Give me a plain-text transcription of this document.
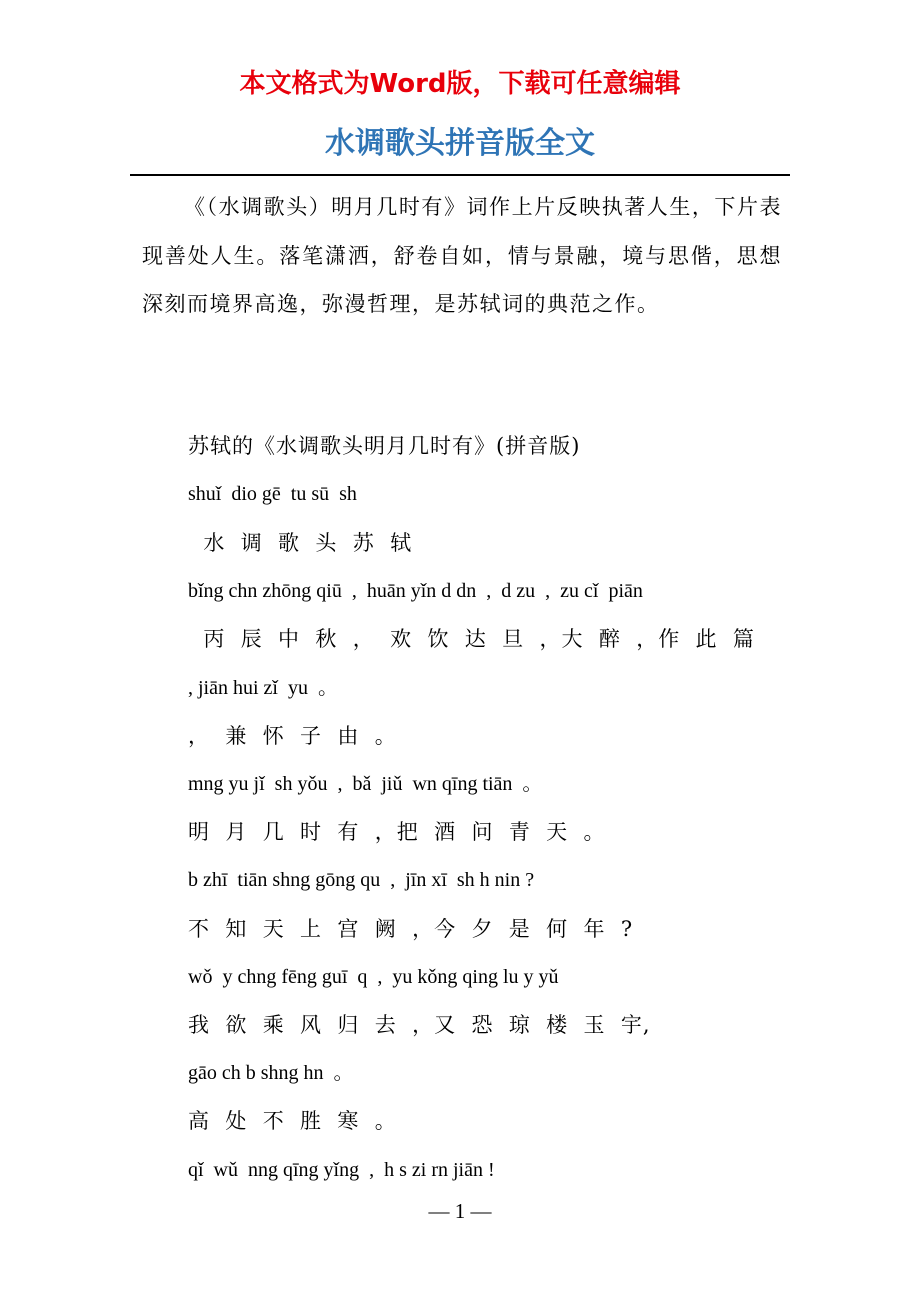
本文格式为Word版，下载可任意编辑
水调歌头拼音版全文

《（水调歌头）明月几时有》词作上片反映执著人生，下片表现善处人生。落笔潇洒，舒卷自如，情与景融，境与思偕，思想深刻而境界高逸，弥漫哲理，是苏轼词的典范之作。

苏轼的《水调歌头明月几时有》(拼音版)
shuǐ  dio gē  tu sū  sh
水  调  歌  头  苏  轼
bǐng chn zhōng qiū  ,  huān yǐn d dn  ,  d zu  ,  zu cǐ  piān
丙  辰  中  秋  ，  欢  饮  达  旦  ，大  醉  ，作  此  篇
, jiān hui zǐ  yu  。
，  兼  怀  子  由  。
mng yu jǐ  sh yǒu  ,  bǎ  jiǔ  wn qīng tiān  。
明  月  几  时  有  ，把  酒  问  青  天  。
b zhī  tiān shng gōng qu  ,  jīn xī  sh h nin ?
不  知  天  上  宫  阙  ，今  夕  是  何  年  ?
wǒ  y chng fēng guī  q  ,  yu kǒng qing lu y yǔ
我  欲  乘  风  归  去  ，又  恐  琼  楼  玉  宇,
gāo ch b shng hn  。
高  处  不  胜  寒  。
qǐ  wǔ  nng qīng yǐng  ,  h s zi rn jiān !
— 1 —
